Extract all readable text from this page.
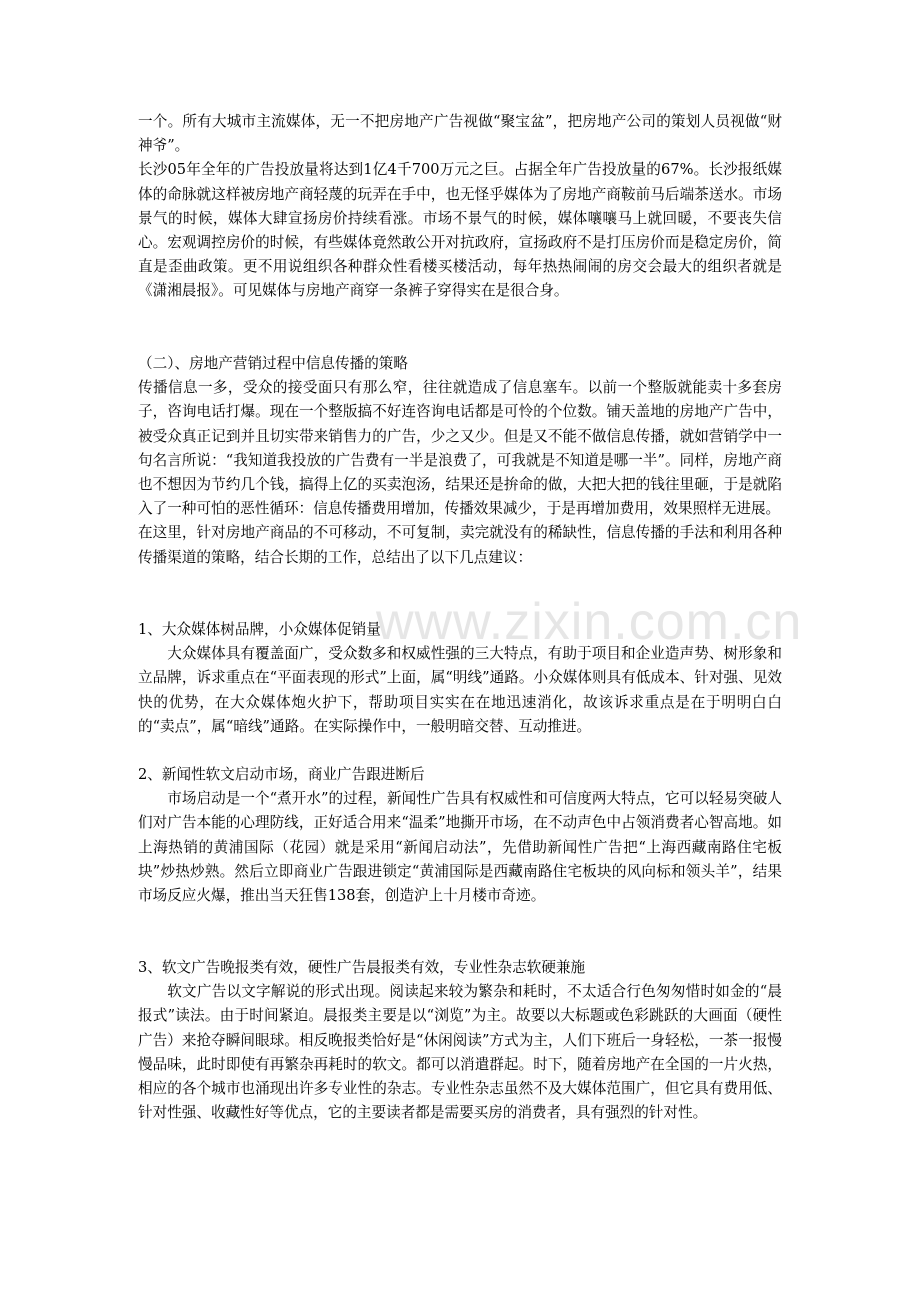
www.zixin.com.cn

一个。所有大城市主流媒体，无一不把房地产广告视做“聚宝盆”，把房地产公司的策划人员视做“财神爷”。

长沙05年全年的广告投放量将达到1亿4千700万元之巨。占据全年广告投放量的67%。长沙报纸媒体的命脉就这样被房地产商轻蔑的玩弄在手中，也无怪乎媒体为了房地产商鞍前马后端茶送水。市场景气的时候，媒体大肆宣扬房价持续看涨。市场不景气的时候，媒体嚷嚷马上就回暖，不要丧失信心。宏观调控房价的时候，有些媒体竟然敢公开对抗政府，宣扬政府不是打压房价而是稳定房价，简直是歪曲政策。更不用说组织各种群众性看楼买楼活动，每年热热闹闹的房交会最大的组织者就是《潇湘晨报》。可见媒体与房地产商穿一条裤子穿得实在是很合身。

（二）、房地产营销过程中信息传播的策略

传播信息一多，受众的接受面只有那么窄，往往就造成了信息塞车。以前一个整版就能卖十多套房子，咨询电话打爆。现在一个整版搞不好连咨询电话都是可怜的个位数。铺天盖地的房地产广告中，被受众真正记到并且切实带来销售力的广告，少之又少。但是又不能不做信息传播，就如营销学中一句名言所说：“我知道我投放的广告费有一半是浪费了，可我就是不知道是哪一半”。同样，房地产商也不想因为节约几个钱，搞得上亿的买卖泡汤，结果还是拚命的做，大把大把的钱往里砸，于是就陷入了一种可怕的恶性循环：信息传播费用增加，传播效果减少，于是再增加费用，效果照样无进展。

在这里，针对房地产商品的不可移动，不可复制，卖完就没有的稀缺性，信息传播的手法和利用各种传播渠道的策略，结合长期的工作，总结出了以下几点建议：

1、大众媒体树品牌，小众媒体促销量

大众媒体具有覆盖面广，受众数多和权威性强的三大特点，有助于项目和企业造声势、树形象和立品牌，诉求重点在“平面表现的形式”上面，属“明线”通路。小众媒体则具有低成本、针对强、见效快的优势，在大众媒体炮火护下，帮助项目实实在在地迅速消化，故该诉求重点是在于明明白白的“卖点”，属“暗线”通路。在实际操作中，一般明暗交替、互动推进。

2、新闻性软文启动市场，商业广告跟进断后

市场启动是一个“煮开水”的过程，新闻性广告具有权威性和可信度两大特点，它可以轻易突破人们对广告本能的心理防线，正好适合用来“温柔”地撕开市场，在不动声色中占领消费者心智高地。如上海热销的黄浦国际（花园）就是采用“新闻启动法”，先借助新闻性广告把“上海西藏南路住宅板块”炒热炒熟。然后立即商业广告跟进锁定“黄浦国际是西藏南路住宅板块的风向标和领头羊”，结果市场反应火爆，推出当天狂售138套，创造沪上十月楼市奇迹。

3、软文广告晚报类有效，硬性广告晨报类有效，专业性杂志软硬兼施

软文广告以文字解说的形式出现。阅读起来较为繁杂和耗时，不太适合行色匆匆惜时如金的“晨报式”读法。由于时间紧迫。晨报类主要是以“浏览”为主。故要以大标题或色彩跳跃的大画面（硬性广告）来抢夺瞬间眼球。相反晚报类恰好是“休闲阅读”方式为主，人们下班后一身轻松，一茶一报慢慢品味，此时即使有再繁杂再耗时的软文。都可以消遣群起。时下，随着房地产在全国的一片火热，相应的各个城市也涌现出许多专业性的杂志。专业性杂志虽然不及大媒体范围广，但它具有费用低、针对性强、收藏性好等优点，它的主要读者都是需要买房的消费者，具有强烈的针对性。
